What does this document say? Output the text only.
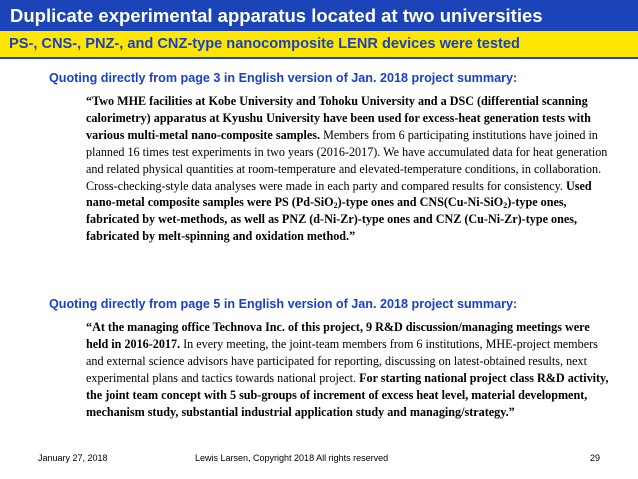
Duplicate experimental apparatus located at two universities
PS-, CNS-, PNZ-, and CNZ-type nanocomposite LENR devices were tested
Quoting directly from page 3 in English version of Jan. 2018 project summary:

“Two MHE facilities at Kobe University and Tohoku University and a DSC (differential scanning calorimetry) apparatus at Kyushu University have been used for excess-heat generation tests with various multi-metal nano-composite samples. Members from 6 participating institutions have joined in planned 16 times test experiments in two years (2016-2017). We have accumulated data for heat generation and related physical quantities at room-temperature and elevated-temperature conditions, in collaboration. Cross-checking-style data analyses were made in each party and compared results for consistency. Used nano-metal composite samples were PS (Pd-SiO$_2$)-type ones and CNS(Cu-Ni-SiO$_2$)-type ones, fabricated by wet-methods, as well as PNZ (d-Ni-Zr)-type ones and CNZ (Cu-Ni-Zr)-type ones, fabricated by melt-spinning and oxidation method.”

Quoting directly from page 5 in English version of Jan. 2018 project summary:

“At the managing office Technova Inc. of this project, 9 R&D discussion/managing meetings were held in 2016-2017. In every meeting, the joint-team members from 6 institutions, MHE-project members and external science advisors have participated for reporting, discussing on latest-obtained results, next experimental plans and tactics towards national project. For starting national project class R&D activity, the joint team concept with 5 sub-groups of increment of excess heat level, material development, mechanism study, substantial industrial application study and managing/strategy.”

January 27, 2018	Lewis Larsen, Copyright 2018 All rights reserved	29
